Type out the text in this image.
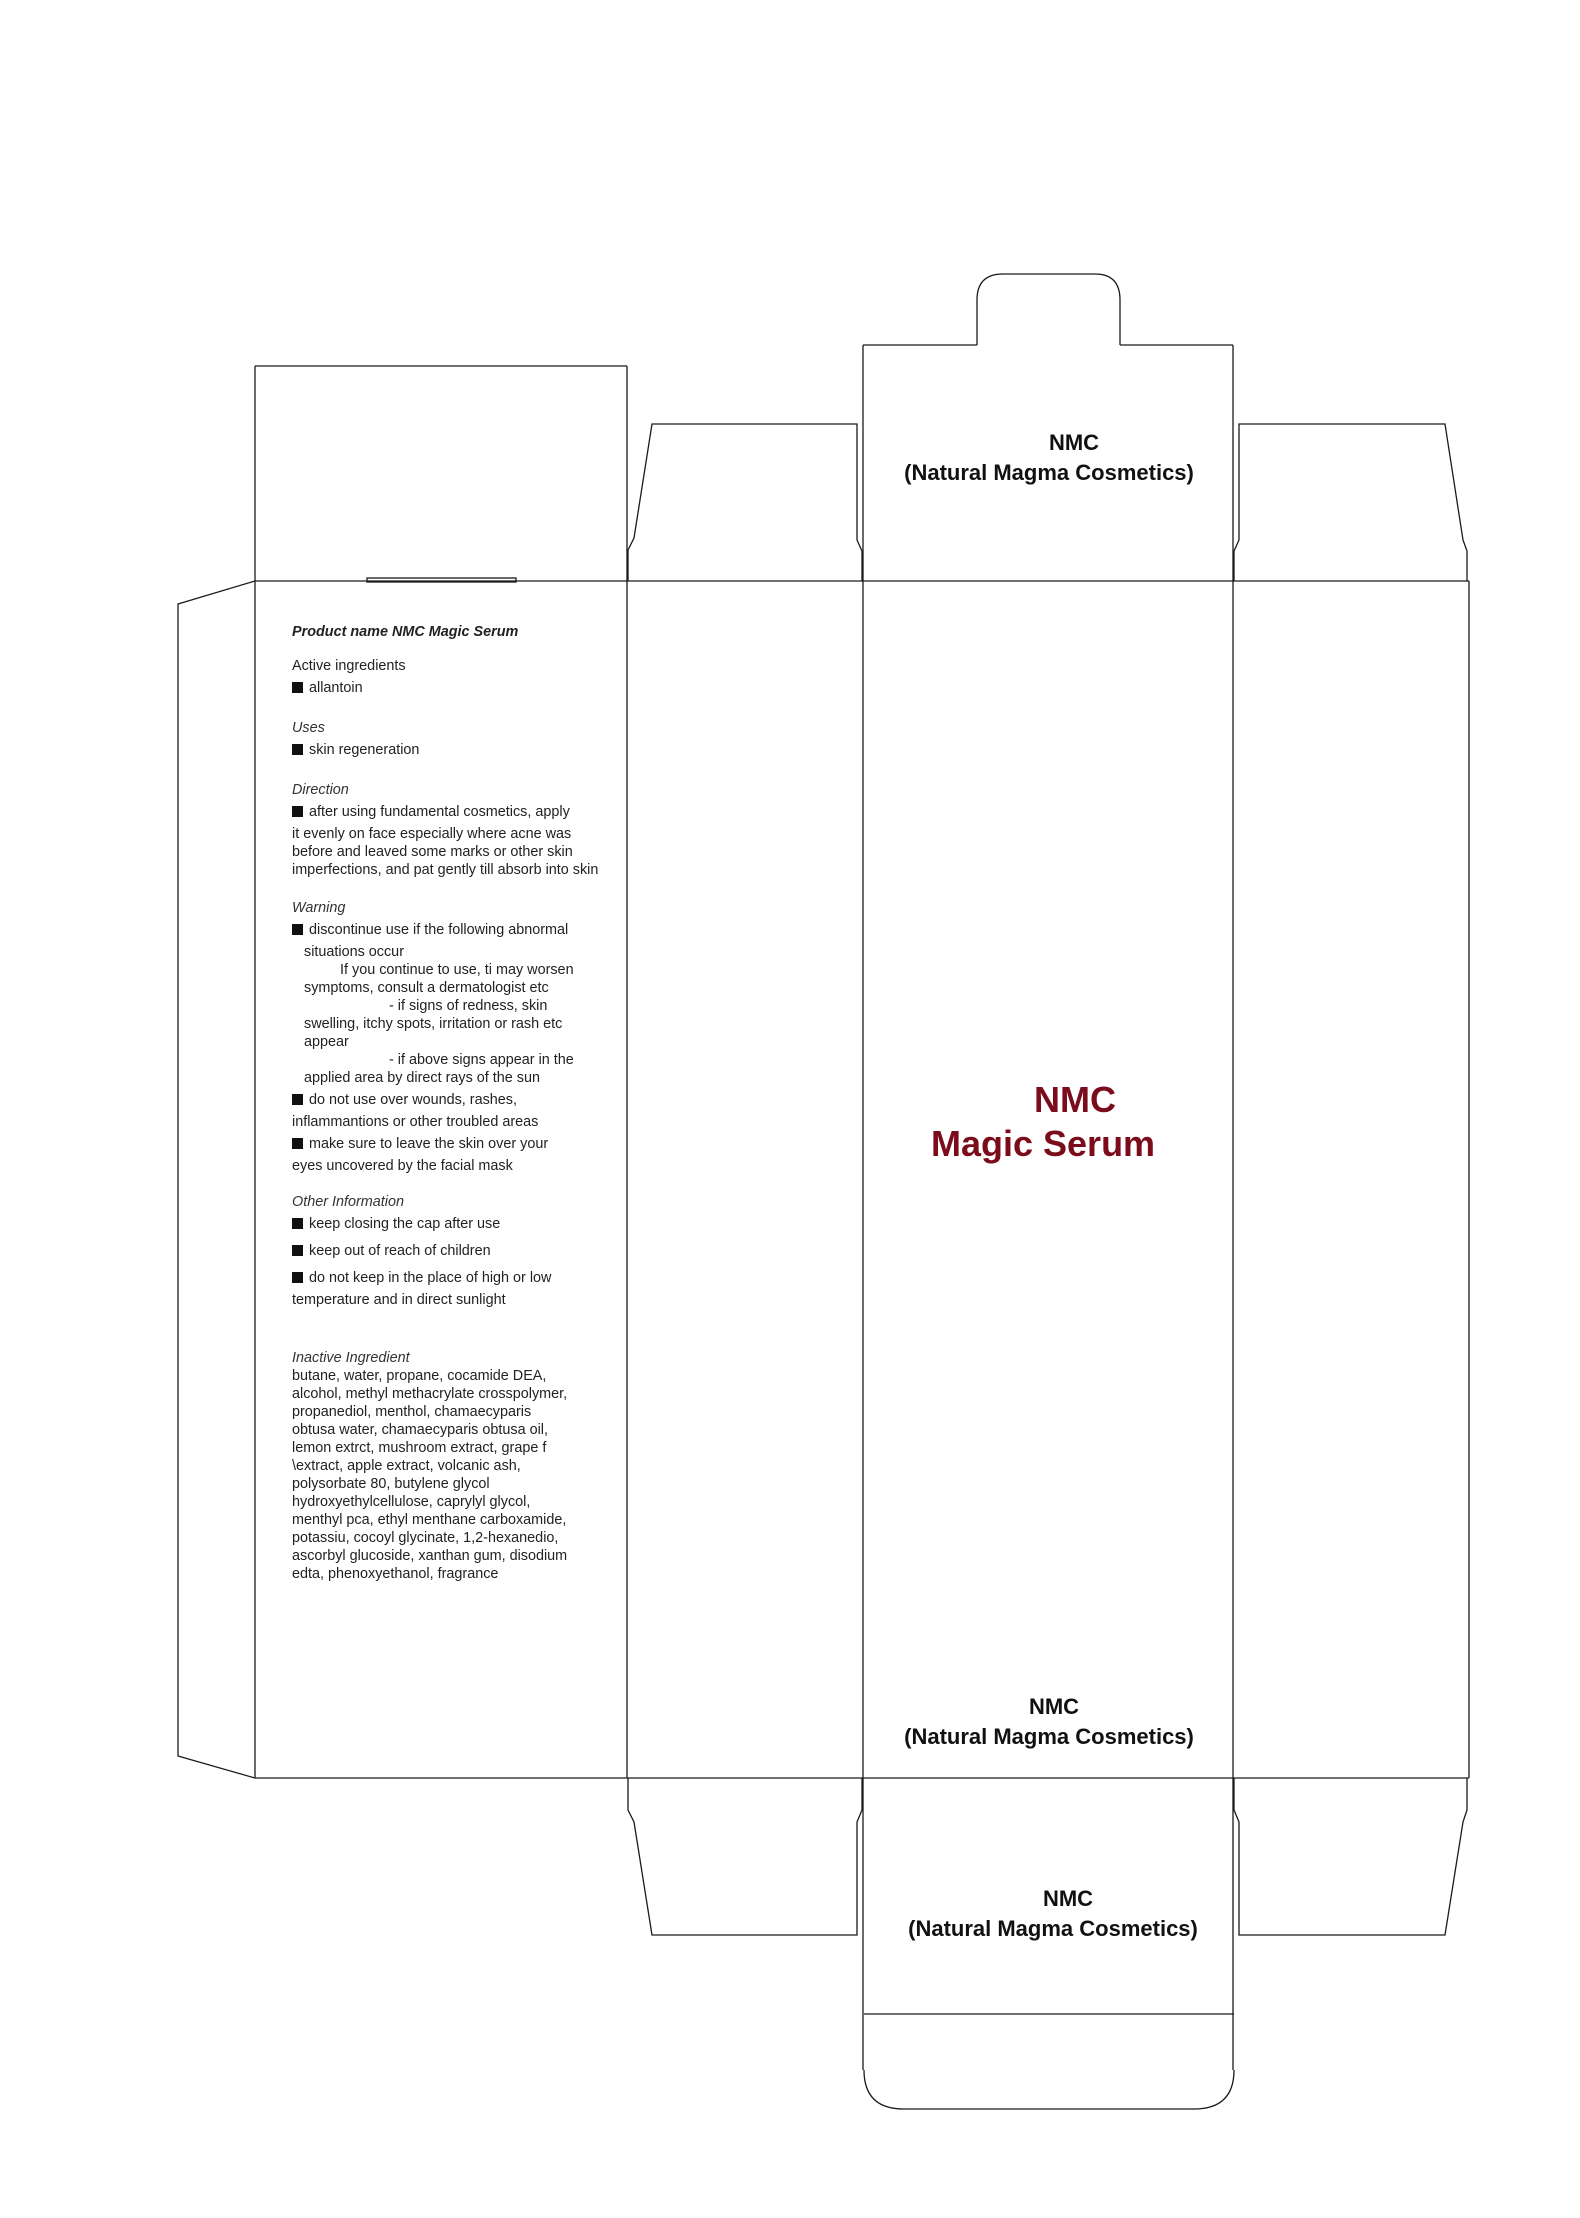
NMC
(Natural Magma Cosmetics)
NMC
Magic Serum
NMC
(Natural Magma Cosmetics)
NMC
(Natural Magma Cosmetics)
Product name NMC Magic Serum
Active ingredients
allantoin
Uses
skin regeneration
Direction
after using fundamental cosmetics, apply
it evenly on face especially where acne was before and leaved some marks or other skin imperfections, and pat gently till absorb into skin
Warning
discontinue use if the following abnormal
situations occur
If you continue to use, ti may worsen
symptoms, consult a dermatologist etc
- if signs of redness, skin
swelling, itchy spots, irritation or rash etc
appear
- if above signs appear in the
applied area by direct rays of the sun
do not use over wounds, rashes,
inflammantions or other troubled areas
make sure to leave the skin over your
eyes uncovered by the facial mask
Other Information
keep closing the cap after use
keep out of reach of children
do not keep in the place of high or low
temperature and in direct sunlight
Inactive Ingredient
butane, water, propane, cocamide DEA,
alcohol, methyl methacrylate crosspolymer,
propanediol, menthol, chamaecyparis
obtusa water, chamaecyparis obtusa oil,
lemon extrct, mushroom extract, grape f
\extract, apple extract, volcanic ash,
polysorbate 80, butylene glycol
hydroxyethylcellulose, caprylyl glycol,
menthyl pca, ethyl menthane carboxamide,
potassiu, cocoyl glycinate, 1,2-hexanedio,
ascorbyl glucoside, xanthan gum, disodium
edta, phenoxyethanol, fragrance
